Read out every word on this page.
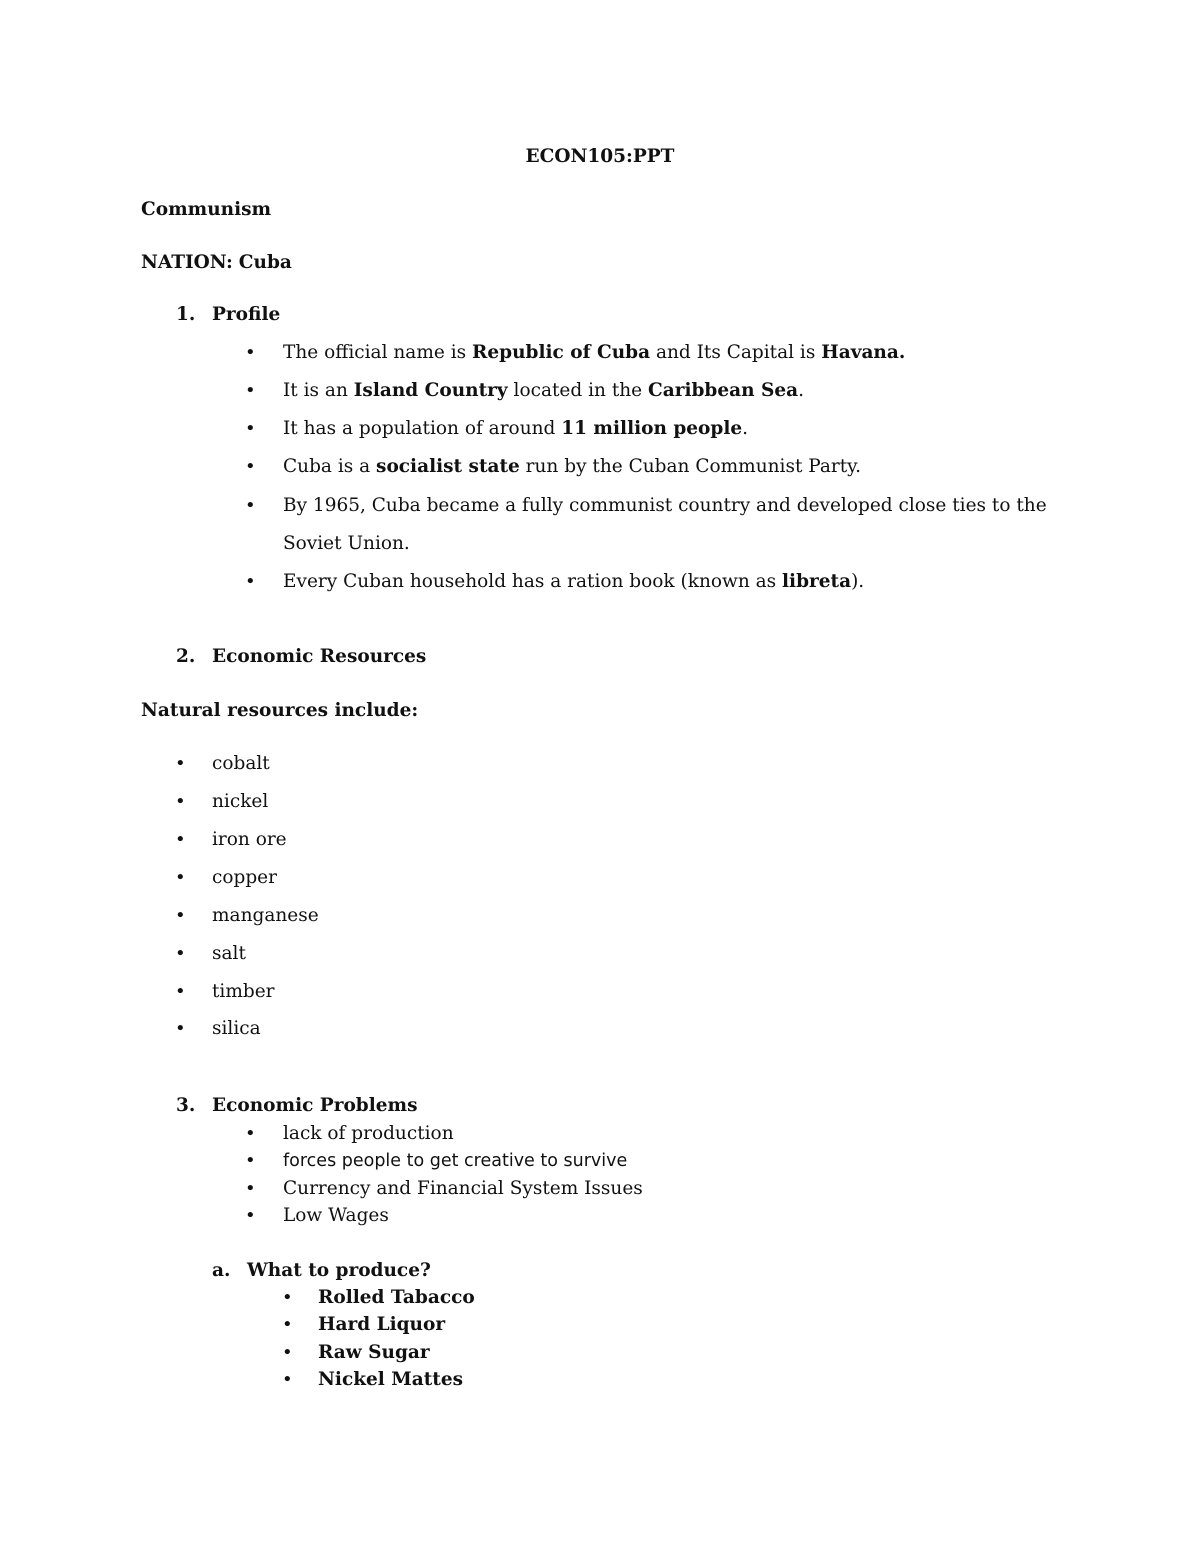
ECON105:PPT
Communism
NATION: Cuba
1. Profile
• The official name is Republic of Cuba and Its Capital is Havana.
• It is an Island Country located in the Caribbean Sea.
• It has a population of around 11 million people.
• Cuba is a socialist state run by the Cuban Communist Party.
• By 1965, Cuba became a fully communist country and developed close ties to the
Soviet Union.
• Every Cuban household has a ration book (known as libreta).
2. Economic Resources
Natural resources include:
• cobalt
• nickel
• iron ore
• copper
• manganese
• salt
• timber
• silica
3. Economic Problems
• lack of production
• forces people to get creative to survive
• Currency and Financial System Issues
• Low Wages
a. What to produce?
• Rolled Tabacco
• Hard Liquor
• Raw Sugar
• Nickel Mattes
